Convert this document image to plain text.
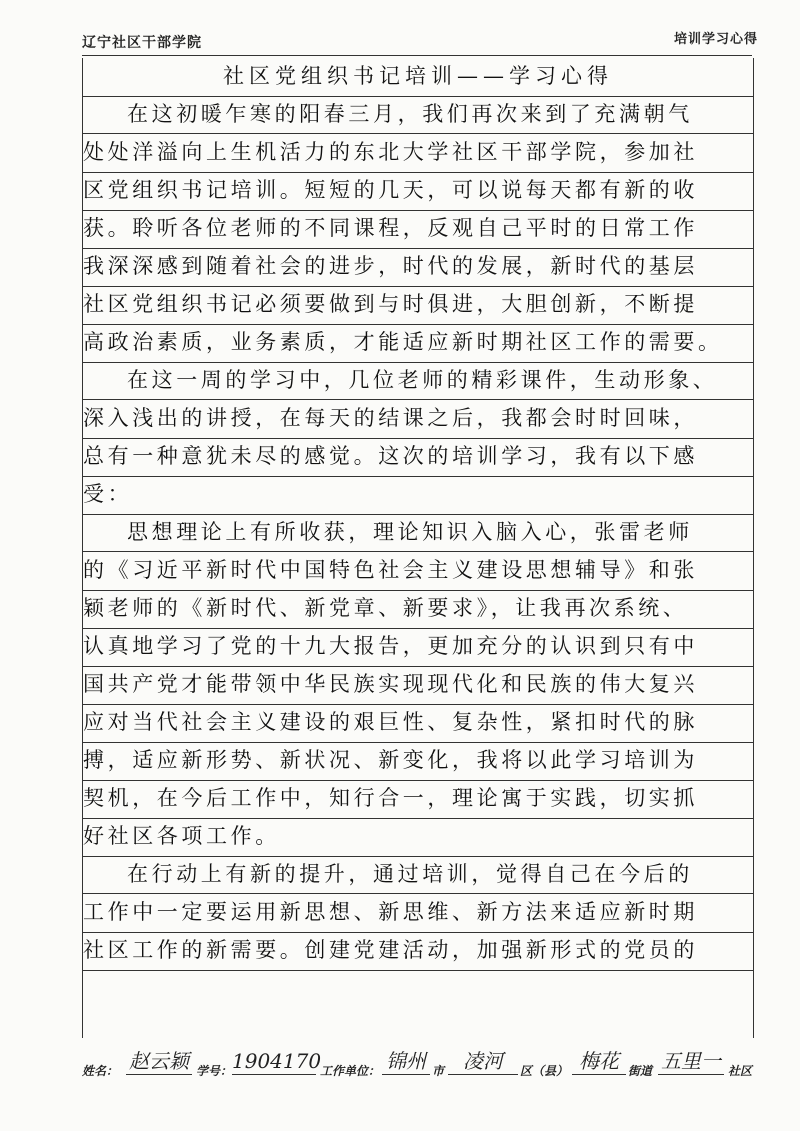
辽宁社区干部学院	培训学习心得
社区党组织书记培训——学习心得
在这初暖乍寒的阳春三月，我们再次来到了充满朝气
处处洋溢向上生机活力的东北大学社区干部学院，参加社
区党组织书记培训。短短的几天，可以说每天都有新的收
获。聆听各位老师的不同课程，反观自己平时的日常工作
我深深感到随着社会的进步，时代的发展，新时代的基层
社区党组织书记必须要做到与时俱进，大胆创新，不断提
高政治素质，业务素质，才能适应新时期社区工作的需要。
在这一周的学习中，几位老师的精彩课件，生动形象、
深入浅出的讲授，在每天的结课之后，我都会时时回味，
总有一种意犹未尽的感觉。这次的培训学习，我有以下感
受：
思想理论上有所收获，理论知识入脑入心，张雷老师
的《习近平新时代中国特色社会主义建设思想辅导》和张
颖老师的《新时代、新党章、新要求》，让我再次系统、
认真地学习了党的十九大报告，更加充分的认识到只有中
国共产党才能带领中华民族实现现代化和民族的伟大复兴
应对当代社会主义建设的艰巨性、复杂性，紧扣时代的脉
搏，适应新形势、新状况、新变化，我将以此学习培训为
契机，在今后工作中，知行合一，理论寓于实践，切实抓
好社区各项工作。
在行动上有新的提升，通过培训，觉得自己在今后的
工作中一定要运用新思想、新思维、新方法来适应新时期
社区工作的新需要。创建党建活动，加强新形式的党员的
姓名： 赵云颖 学号： 1904170
工作单位： 锦州 市 凌河	区（县） 梅花 街道 五里一 社区
